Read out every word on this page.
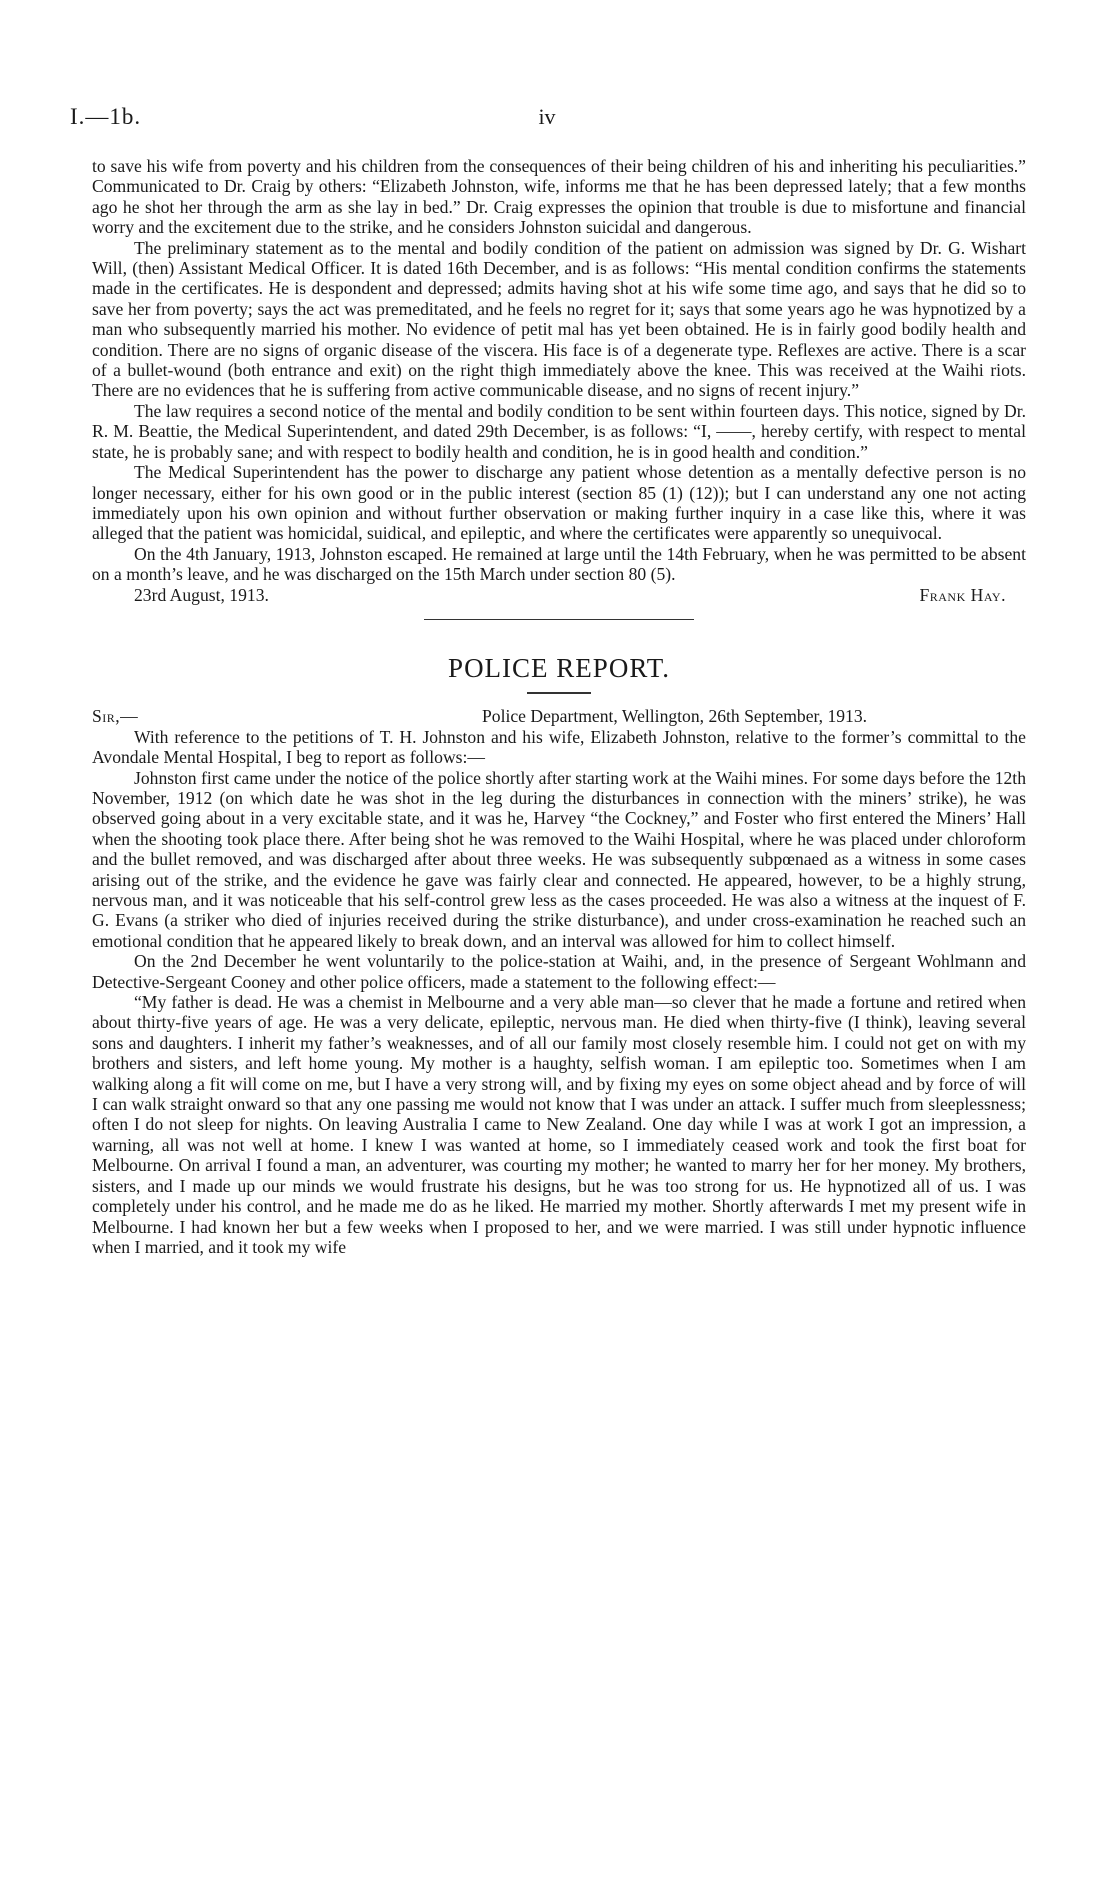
I.—1b.	iv

to save his wife from poverty and his children from the consequences of their being children of his and inheriting his peculiarities.” Communicated to Dr. Craig by others: “Elizabeth Johnston, wife, informs me that he has been depressed lately; that a few months ago he shot her through the arm as she lay in bed.” Dr. Craig expresses the opinion that trouble is due to misfortune and financial worry and the excitement due to the strike, and he considers Johnston suicidal and dangerous.

The preliminary statement as to the mental and bodily condition of the patient on admission was signed by Dr. G. Wishart Will, (then) Assistant Medical Officer. It is dated 16th December, and is as follows: “His mental condition confirms the statements made in the certificates. He is despondent and depressed; admits having shot at his wife some time ago, and says that he did so to save her from poverty; says the act was premeditated, and he feels no regret for it; says that some years ago he was hypnotized by a man who subsequently married his mother. No evidence of petit mal has yet been obtained. He is in fairly good bodily health and condition. There are no signs of organic disease of the viscera. His face is of a degenerate type. Reflexes are active. There is a scar of a bullet-wound (both entrance and exit) on the right thigh immediately above the knee. This was received at the Waihi riots. There are no evidences that he is suffering from active communicable disease, and no signs of recent injury.”

The law requires a second notice of the mental and bodily condition to be sent within fourteen days. This notice, signed by Dr. R. M. Beattie, the Medical Superintendent, and dated 29th December, is as follows: “I, ——, hereby certify, with respect to mental state, he is probably sane; and with respect to bodily health and condition, he is in good health and condition.”

The Medical Superintendent has the power to discharge any patient whose detention as a mentally defective person is no longer necessary, either for his own good or in the public interest (section 85 (1) (12)); but I can understand any one not acting immediately upon his own opinion and without further observation or making further inquiry in a case like this, where it was alleged that the patient was homicidal, suidical, and epileptic, and where the certificates were apparently so unequivocal.

On the 4th January, 1913, Johnston escaped. He remained at large until the 14th February, when he was permitted to be absent on a month’s leave, and he was discharged on the 15th March under section 80 (5).

23rd August, 1913.	Frank Hay.
POLICE REPORT.
Sir,—	Police Department, Wellington, 26th September, 1913.

With reference to the petitions of T. H. Johnston and his wife, Elizabeth Johnston, relative to the former’s committal to the Avondale Mental Hospital, I beg to report as follows:—

Johnston first came under the notice of the police shortly after starting work at the Waihi mines. For some days before the 12th November, 1912 (on which date he was shot in the leg during the disturbances in connection with the miners’ strike), he was observed going about in a very excitable state, and it was he, Harvey “the Cockney,” and Foster who first entered the Miners’ Hall when the shooting took place there. After being shot he was removed to the Waihi Hospital, where he was placed under chloroform and the bullet removed, and was discharged after about three weeks. He was subsequently subpœnaed as a witness in some cases arising out of the strike, and the evidence he gave was fairly clear and connected. He appeared, however, to be a highly strung, nervous man, and it was noticeable that his self-control grew less as the cases proceeded. He was also a witness at the inquest of F. G. Evans (a striker who died of injuries received during the strike disturbance), and under cross-examination he reached such an emotional condition that he appeared likely to break down, and an interval was allowed for him to collect himself.

On the 2nd December he went voluntarily to the police-station at Waihi, and, in the presence of Sergeant Wohlmann and Detective-Sergeant Cooney and other police officers, made a statement to the following effect:—

“My father is dead. He was a chemist in Melbourne and a very able man—so clever that he made a fortune and retired when about thirty-five years of age. He was a very delicate, epileptic, nervous man. He died when thirty-five (I think), leaving several sons and daughters. I inherit my father’s weaknesses, and of all our family most closely resemble him. I could not get on with my brothers and sisters, and left home young. My mother is a haughty, selfish woman. I am epileptic too. Sometimes when I am walking along a fit will come on me, but I have a very strong will, and by fixing my eyes on some object ahead and by force of will I can walk straight onward so that any one passing me would not know that I was under an attack. I suffer much from sleeplessness; often I do not sleep for nights. On leaving Australia I came to New Zealand. One day while I was at work I got an impression, a warning, all was not well at home. I knew I was wanted at home, so I immediately ceased work and took the first boat for Melbourne. On arrival I found a man, an adventurer, was courting my mother; he wanted to marry her for her money. My brothers, sisters, and I made up our minds we would frustrate his designs, but he was too strong for us. He hypnotized all of us. I was completely under his control, and he made me do as he liked. He married my mother. Shortly afterwards I met my present wife in Melbourne. I had known her but a few weeks when I proposed to her, and we were married. I was still under hypnotic influence when I married, and it took my wife
